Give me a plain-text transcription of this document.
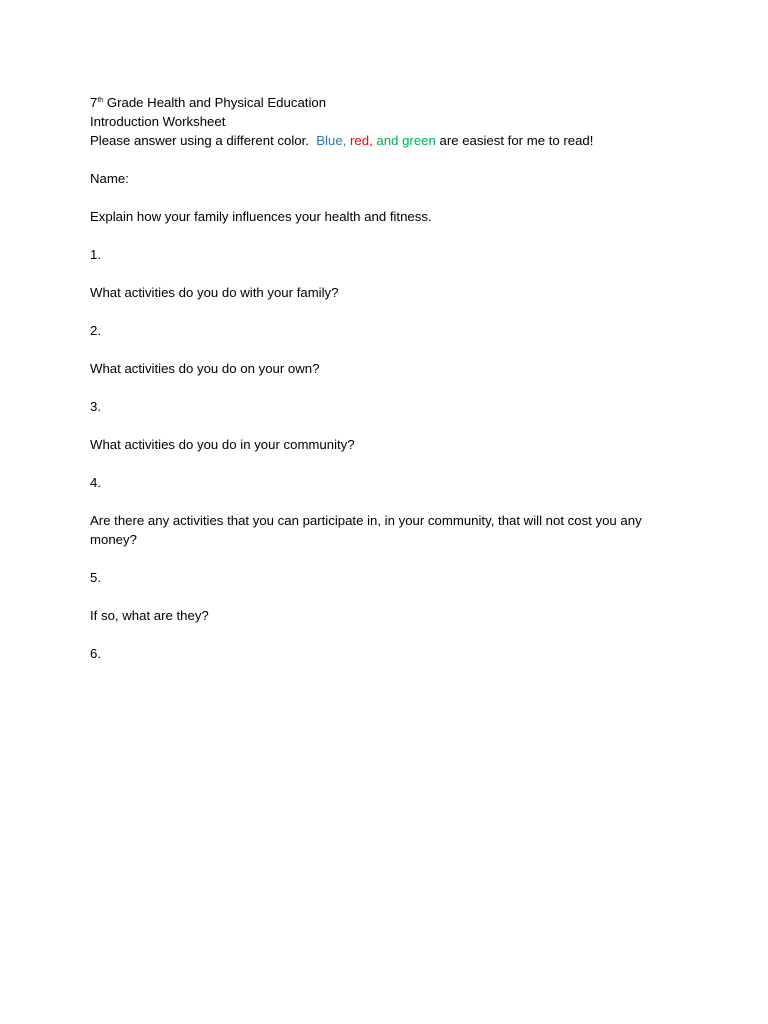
7th Grade Health and Physical Education

Introduction Worksheet

Please answer using a different color.  Blue, red, and green are easiest for me to read!

Name:

Explain how your family influences your health and fitness.

1.

What activities do you do with your family?

2.

What activities do you do on your own?

3.

What activities do you do in your community?

4.

Are there any activities that you can participate in, in your community, that will not cost you any money?

5.

If so, what are they?

6.
